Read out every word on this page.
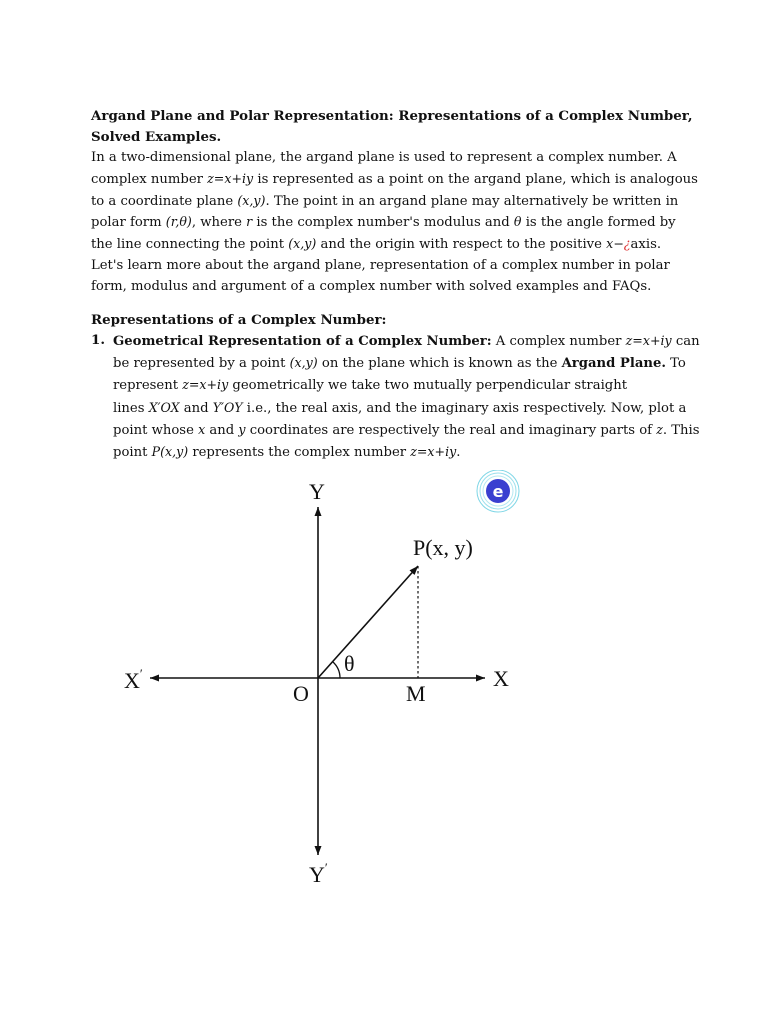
Argand Plane and Polar Representation: Representations of a Complex Number,
Solved Examples.
In a two-dimensional plane, the argand plane is used to represent a complex number. A
complex number z=x+iy is represented as a point on the argand plane, which is analogous
to a coordinate plane (x,y). The point in an argand plane may alternatively be written in
polar form (r,θ), where r is the complex number's modulus and θ is the angle formed by
the line connecting the point (x,y) and the origin with respect to the positive x−¿axis.
Let's learn more about the argand plane, representation of a complex number in polar
form, modulus and argument of a complex number with solved examples and FAQs.
Representations of a Complex Number:
1. Geometrical Representation of a Complex Number: A complex number z=x+iy can
be represented by a point (x,y) on the plane which is known as the Argand Plane. To
represent z=x+iy geometrically we take two mutually perpendicular straight
lines X′OX and Y′OY i.e., the real axis, and the imaginary axis respectively. Now, plot a
point whose x and y coordinates are respectively the real and imaginary parts of z. This
point P(x,y) represents the complex number z=x+iy.
Y
Y′
X
X′
O	M
P(x, y)
θ
e
